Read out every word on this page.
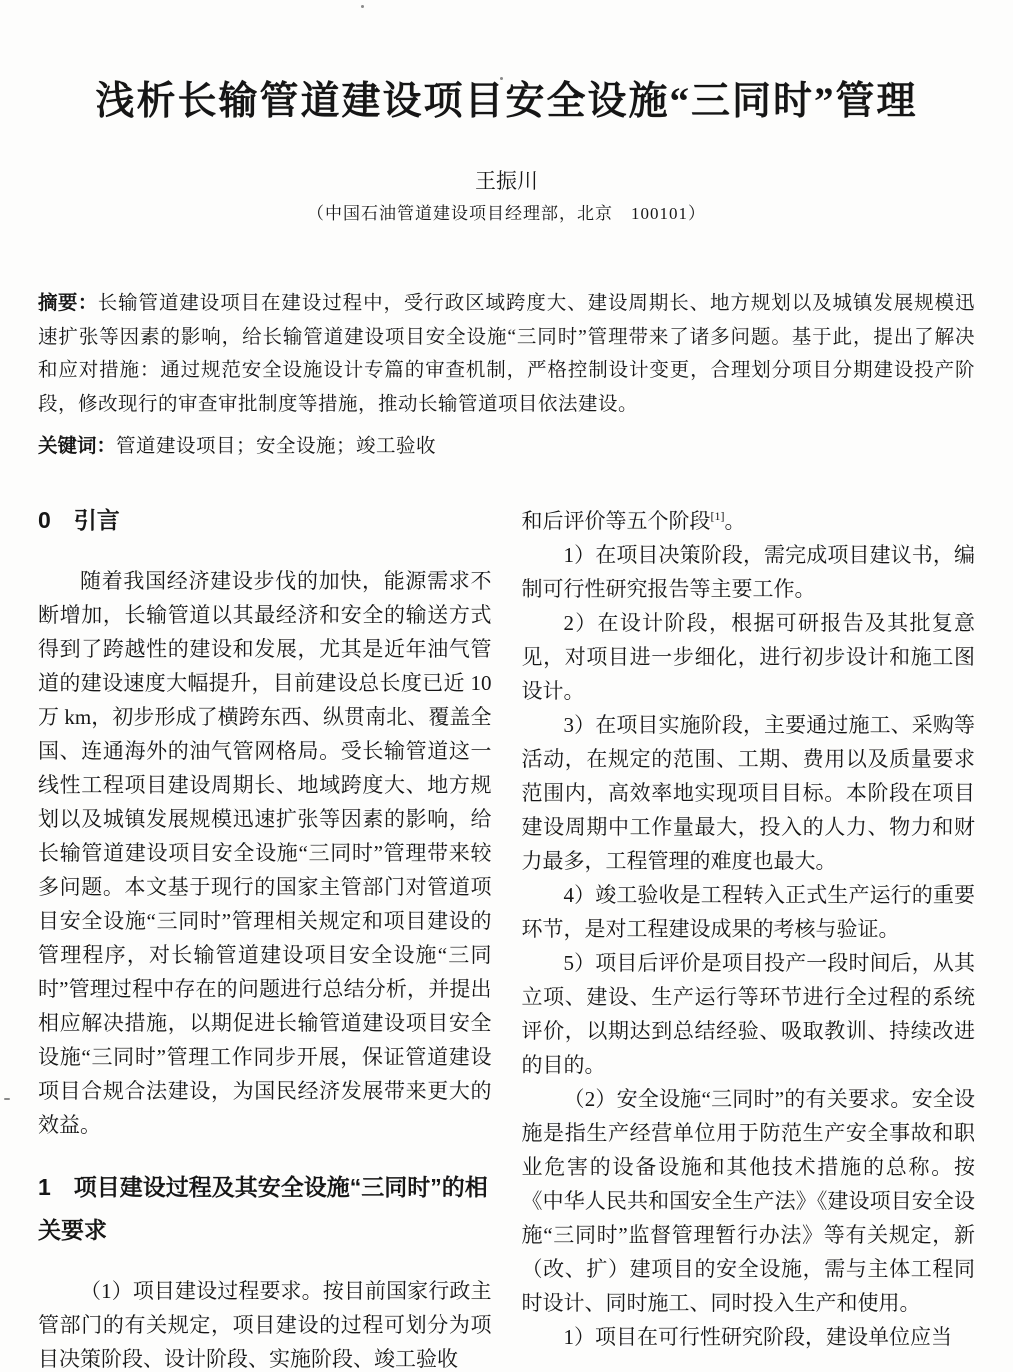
浅析长输管道建设项目安全设施“三同时”管理
王振川
（中国石油管道建设项目经理部，北京　100101）
摘要：长输管道建设项目在建设过程中，受行政区域跨度大、建设周期长、地方规划以及城镇发展规模迅速扩张等因素的影响，给长输管道建设项目安全设施“三同时”管理带来了诸多问题。基于此，提出了解决和应对措施：通过规范安全设施设计专篇的审查机制，严格控制设计变更，合理划分项目分期建设投产阶段，修改现行的审查审批制度等措施，推动长输管道项目依法建设。
关键词：管道建设项目；安全设施；竣工验收
0　引言

随着我国经济建设步伐的加快，能源需求不断增加，长输管道以其最经济和安全的输送方式得到了跨越性的建设和发展，尤其是近年油气管道的建设速度大幅提升，目前建设总长度已近 10 万 km，初步形成了横跨东西、纵贯南北、覆盖全国、连通海外的油气管网格局。受长输管道这一线性工程项目建设周期长、地域跨度大、地方规划以及城镇发展规模迅速扩张等因素的影响，给长输管道建设项目安全设施“三同时”管理带来较多问题。本文基于现行的国家主管部门对管道项目安全设施“三同时”管理相关规定和项目建设的管理程序，对长输管道建设项目安全设施“三同时”管理过程中存在的问题进行总结分析，并提出相应解决措施，以期促进长输管道建设项目安全设施“三同时”管理工作同步开展，保证管道建设项目合规合法建设，为国民经济发展带来更大的效益。

1　项目建设过程及其安全设施“三同时”的相关要求

（1）项目建设过程要求。按目前国家行政主管部门的有关规定，项目建设的过程可划分为项目决策阶段、设计阶段、实施阶段、竣工验收

和后评价等五个阶段[1]。

1）在项目决策阶段，需完成项目建议书，编制可行性研究报告等主要工作。

2）在设计阶段，根据可研报告及其批复意见，对项目进一步细化，进行初步设计和施工图设计。

3）在项目实施阶段，主要通过施工、采购等活动，在规定的范围、工期、费用以及质量要求范围内，高效率地实现项目目标。本阶段在项目建设周期中工作量最大，投入的人力、物力和财力最多，工程管理的难度也最大。

4）竣工验收是工程转入正式生产运行的重要环节，是对工程建设成果的考核与验证。

5）项目后评价是项目投产一段时间后，从其立项、建设、生产运行等环节进行全过程的系统评价，以期达到总结经验、吸取教训、持续改进的目的。

（2）安全设施“三同时”的有关要求。安全设施是指生产经营单位用于防范生产安全事故和职业危害的设备设施和其他技术措施的总称。按《中华人民共和国安全生产法》《建设项目安全设施“三同时”监督管理暂行办法》等有关规定，新（改、扩）建项目的安全设施，需与主体工程同时设计、同时施工、同时投入生产和使用。

1）项目在可行性研究阶段，建设单位应当
